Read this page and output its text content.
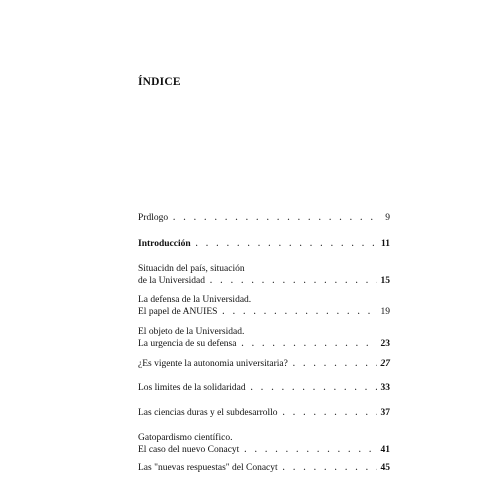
ÍNDICE
Prdlogo . . .	9
Introducción . . .	11
Situacidn del país, situación
de la Universidad . . .	15
La defensa de la Universidad.
El papel de ANUIES . . .	19
El objeto de la Universidad.
La urgencia de su defensa . . .	23
¿Es vigente la autonomia universitaria? . . .	27
Los limites de la solidaridad . . .	33
Las ciencias duras y el subdesarrollo . . .	37
Gatopardismo científico.
El caso del nuevo Conacyt . . .	41
Las "nuevas respuestas" del Conacyt . . .	45
